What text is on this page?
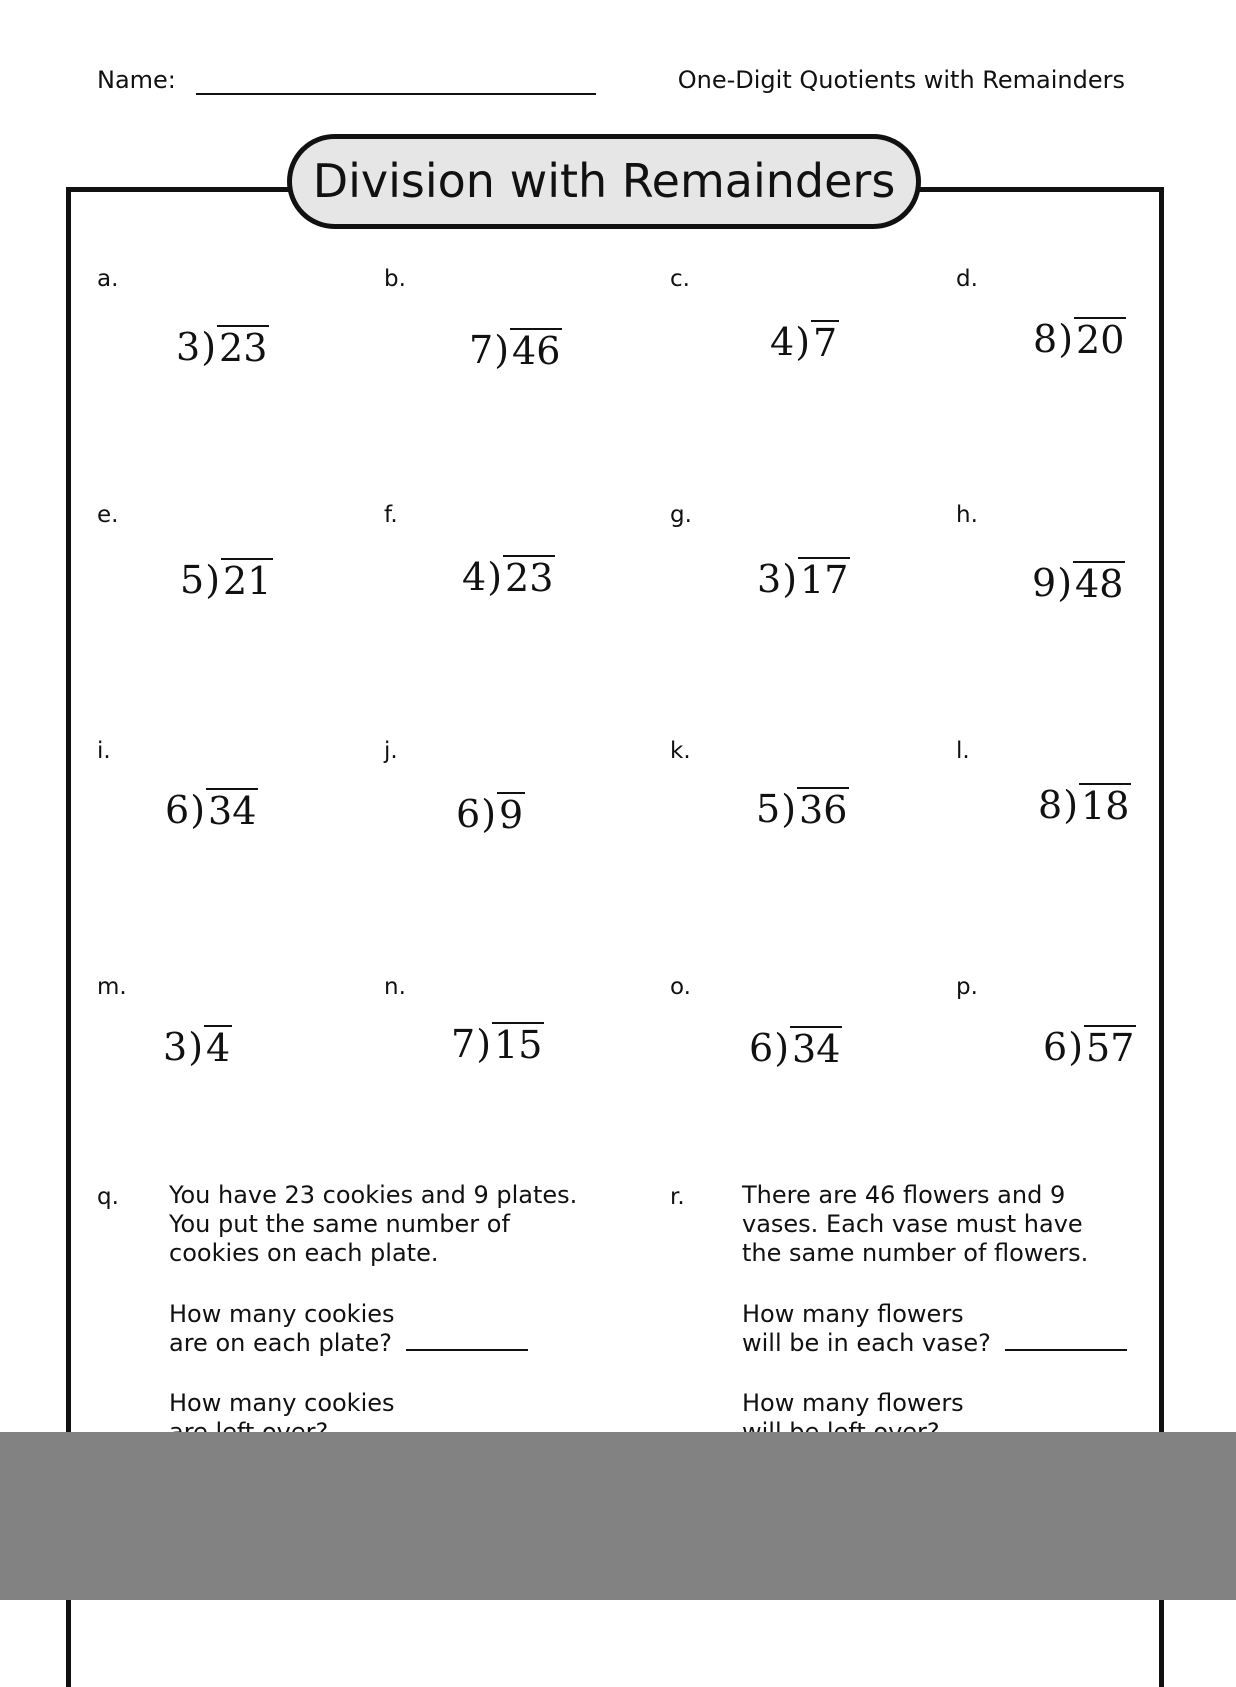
Name:	One-Digit Quotients with Remainders
Division with Remainders
a.
3 ) 23
b.
7 ) 46
c.
4 ) 7
d.
8 ) 20
e.
5 ) 21
f.
4 ) 23
g.
3 ) 17
h.
9 ) 48
i.
6 ) 34
j.
6 ) 9
k.
5 ) 36
l.
8 ) 18
m.
3 ) 4
n.
7 ) 15
o.
6 ) 34
p.
6 ) 57
q. You have 23 cookies and 9 plates.
You put the same number of
cookies on each plate.
How many cookies
are on each plate?
How many cookies
r. There are 46 flowers and 9
vases. Each vase must have
the same number of flowers.
How many flowers
will be in each vase?
How many flowers
